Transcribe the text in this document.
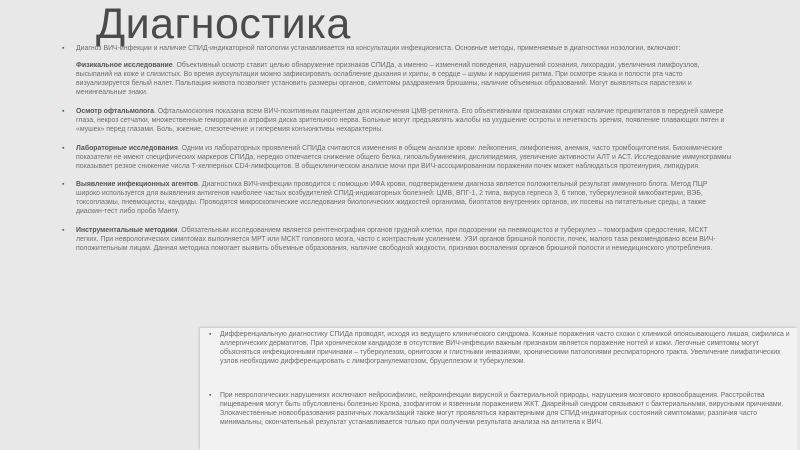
Диагностика

▪ Диагноз ВИЧ-инфекции и наличие СПИД-индикаторной патологии устанавливается на консультации инфекциониста. Основные методы, применяемые в диагностики нозологии, включают:

Физикальное исследование. Объективный осмотр ставит целью обнаружение признаков СПИДа, а именно – изменений поведения, нарушений сознания, лихорадки, увеличения лимфоузлов, высыпаний на коже и слизистых. Во время аускультации можно зафиксировать ослабление дыхания и хрипы, в сердце – шумы и нарушения ритма. При осмотре языка и полости рта часто визуализируется белый налет. Пальпация живота позволяет установить размеры органов, симптомы раздражения брюшины, наличие объемных образований. Могут выявляться парастезии и менингеальные знаки.

▪ Осмотр офтальмолога. Офтальмоскопия показана всем ВИЧ-позитивным пациентам для исключения ЦМВ-ретинита. Его объективными признаками служат наличие преципитатов в передней камере глаза, некроз сетчатки, множественные геморрагии и атрофия диска зрительного нерва. Больные могут предъявлять жалобы на ухудшение остроты и нечеткость зрения, появление плавающих пятен и «мушек» перед глазами. Боль, жжение, слезотечение и гиперемия конъюнктивы нехарактерны.

▪ Лабораторные исследования. Одним из лабораторных проявлений СПИДа считаются изменения в общем анализе крови: лейкопения, лимфопения, анемия, часто тромбоцитопения. Биохимические показатели не имеют специфических маркеров СПИДа, нередко отмечается снижение общего белка, гипоальбуминемия, дислипидемия, увеличение активности АЛТ и АСТ. Исследование иммунограммы показывает резкое снижение числа Т-хелперных CD4-лимфоцитов. В общеклиническом анализе мочи при ВИЧ-ассоциированном поражении почек может наблюдаться протеинурия, липидурия.

▪ Выявление инфекционных агентов. Диагностика ВИЧ-инфекции проводится с помощью ИФА крови, подтверждением диагноза является положительный результат иммунного блота. Метод ПЦР широко используется для выявления антигенов наиболее частых возбудителей СПИД-индикаторных болезней: ЦМВ, ВПГ-1, 2 типа, вируса герпеса 3, 6 типов, туберкулезной микобактерии, ВЭБ, токсоплазмы, пневмоцисты, кандиды. Проводятся микроскопические исследования биологических жидкостей организма, биоптатов внутренних органов, их посевы на питательные среды, а также диаскин-тест либо проба Манту.

▪ Инструментальные методики. Обязательным исследованием является рентгенография органов грудной клетки, при подозрении на пневмоцистоз и туберкулез – томография средостения, МСКТ легких. При неврологических симптомах выполняется МРТ или МСКТ головного мозга, часто с контрастным усилением. УЗИ органов брюшной полости, почек, малого таза рекомендовано всем ВИЧ-положительным лицам. Данная методика помогает выявить объемные образования, наличие свободной жидкости, признаки воспаления органов брюшной полости и немедицинского употребления.

▪ Дифференциальную диагностику СПИДа проводят, исходя из ведущего клинического синдрома. Кожные поражения часто схожи с клиникой опоясывающего лишая, сифилиса и аллергических дерматитов. При хроническом кандидозе в отсутствие ВИЧ-инфекции важным признаком является поражение ногтей и кожи. Легочные симптомы могут объясняться инфекционными причинами – туберкулезом, орнитозом и глистными инвазиями, хроническими патологиями респираторного тракта. Увеличение лимфатических узлов необходимо дифференцировать с лимфогранулематозом, бруцеллезом и туберкулезом.

▪ При неврологических нарушениях исключают нейросифилис, нейроинфекции вирусной и бактериальной природы, нарушения мозгового кровообращения. Расстройства пищеварения могут быть обусловлены болезнью Крона, эзофагитом и язвенным поражением ЖКТ. Диарейный синдром связывают с бактериальными, вирусными причинами. Злокачественные новообразования различных локализаций также могут проявляться характерными для СПИД-индикаторных состояний симптомами; различия часто минимальны, окончательный результат устанавливается только при получении результата анализа на антитела к ВИЧ.
